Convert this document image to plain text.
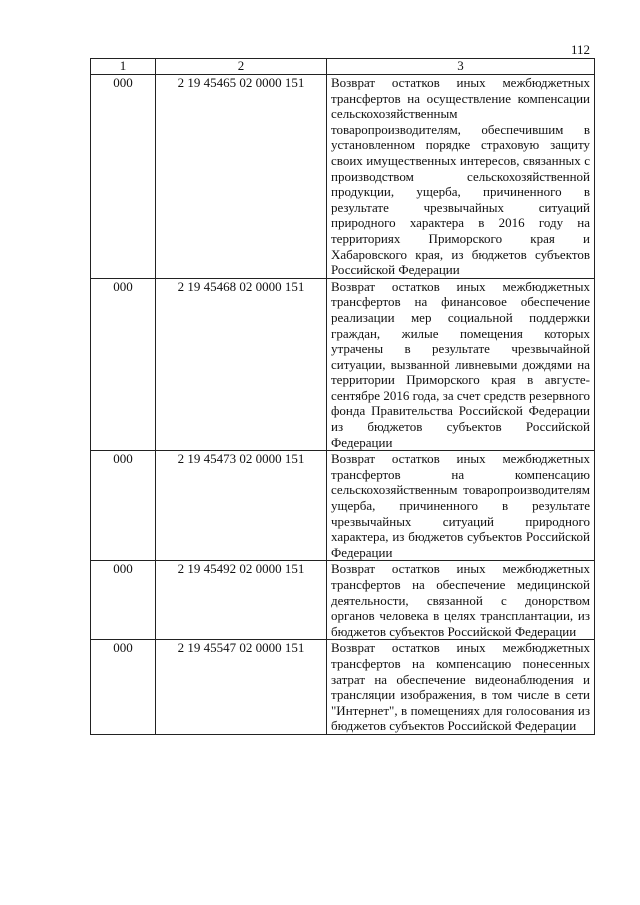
112
1	2	3
000	2 19 45465 02 0000 151	Возврат остатков иных межбюджетных трансфертов на осуществление компенсации сельскохозяйственным товаропроизводителям, обеспечившим в установленном порядке страховую защиту своих имущественных интересов, связанных с производством сельскохозяйственной продукции, ущерба, причиненного в результате чрезвычайных ситуаций природного характера в 2016 году на территориях Приморского края и Хабаровского края, из бюджетов субъектов Российской Федерации
000	2 19 45468 02 0000 151	Возврат остатков иных межбюджетных трансфертов на финансовое обеспечение реализации мер социальной поддержки граждан, жилые помещения которых утрачены в результате чрезвычайной ситуации, вызванной ливневыми дождями на территории Приморского края в августе-сентябре 2016 года, за счет средств резервного фонда Правительства Российской Федерации из бюджетов субъектов Российской Федерации
000	2 19 45473 02 0000 151	Возврат остатков иных межбюджетных трансфертов на компенсацию сельскохозяйственным товаропроизводителям ущерба, причиненного в результате чрезвычайных ситуаций природного характера, из бюджетов субъектов Российской Федерации
000	2 19 45492 02 0000 151	Возврат остатков иных межбюджетных трансфертов на обеспечение медицинской деятельности, связанной с донорством органов человека в целях трансплантации, из бюджетов субъектов Российской Федерации
000	2 19 45547 02 0000 151	Возврат остатков иных межбюджетных трансфертов на компенсацию понесенных затрат на обеспечение видеонаблюдения и трансляции изображения, в том числе в сети "Интернет", в помещениях для голосования из бюджетов субъектов Российской Федерации
